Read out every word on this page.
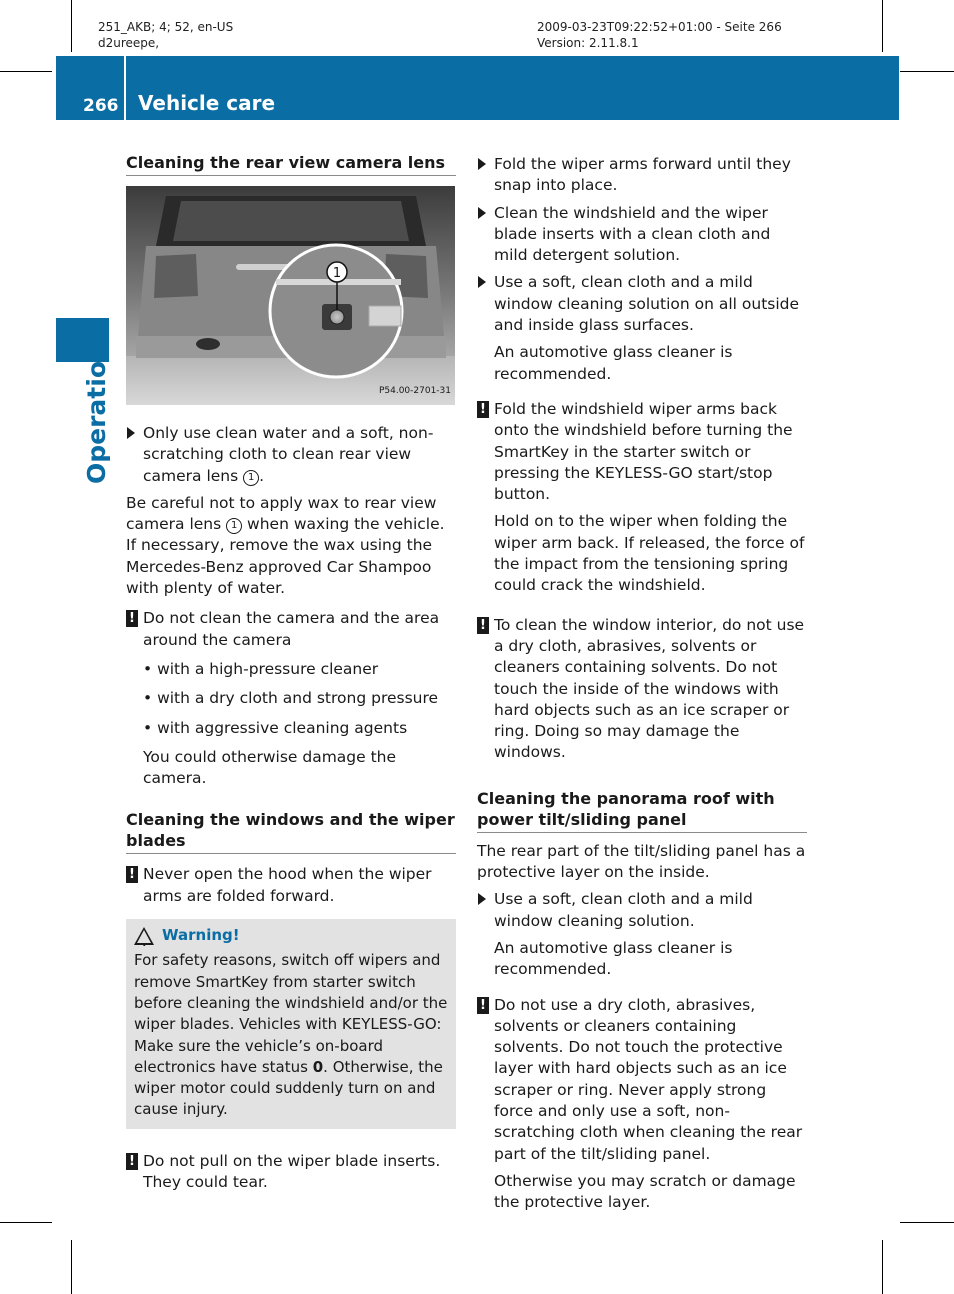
251_AKB; 4; 52, en-US
d2ureepe,
2009-03-23T09:22:52+01:00 - Seite 266
Version: 2.11.8.1
266 Vehicle care
Operation
Cleaning the rear view camera lens
1
P54.00-2701-31
Only use clean water and a soft, non-scratching cloth to clean rear view camera lens 1 .
Be careful not to apply wax to rear view camera lens 1 when waxing the vehicle. If necessary, remove the wax using the Mercedes-Benz approved Car Shampoo with plenty of water.
! Do not clean the camera and the area around the camera
• with a high-pressure cleaner
• with a dry cloth and strong pressure
• with aggressive cleaning agents
You could otherwise damage the camera.
Cleaning the windows and the wiper blades
! Never open the hood when the wiper arms are folded forward.
! Warning!
For safety reasons, switch off wipers and remove SmartKey from starter switch before cleaning the windshield and/or the wiper blades. Vehicles with KEYLESS-GO: Make sure the vehicle’s on-board electronics have status 0. Otherwise, the wiper motor could suddenly turn on and cause injury.
! Do not pull on the wiper blade inserts. They could tear.
Fold the wiper arms forward until they snap into place.
Clean the windshield and the wiper blade inserts with a clean cloth and mild detergent solution.
Use a soft, clean cloth and a mild window cleaning solution on all outside and inside glass surfaces.
An automotive glass cleaner is recommended.
! Fold the windshield wiper arms back onto the windshield before turning the SmartKey in the starter switch or pressing the KEYLESS-GO start/stop button.
Hold on to the wiper when folding the wiper arm back. If released, the force of the impact from the tensioning spring could crack the windshield.
! To clean the window interior, do not use a dry cloth, abrasives, solvents or cleaners containing solvents. Do not touch the inside of the windows with hard objects such as an ice scraper or ring. Doing so may damage the windows.
Cleaning the panorama roof with power tilt/sliding panel
The rear part of the tilt/sliding panel has a protective layer on the inside.
Use a soft, clean cloth and a mild window cleaning solution.
An automotive glass cleaner is recommended.
! Do not use a dry cloth, abrasives, solvents or cleaners containing solvents. Do not touch the protective layer with hard objects such as an ice scraper or ring. Never apply strong force and only use a soft, non-scratching cloth when cleaning the rear part of the tilt/sliding panel.
Otherwise you may scratch or damage the protective layer.
